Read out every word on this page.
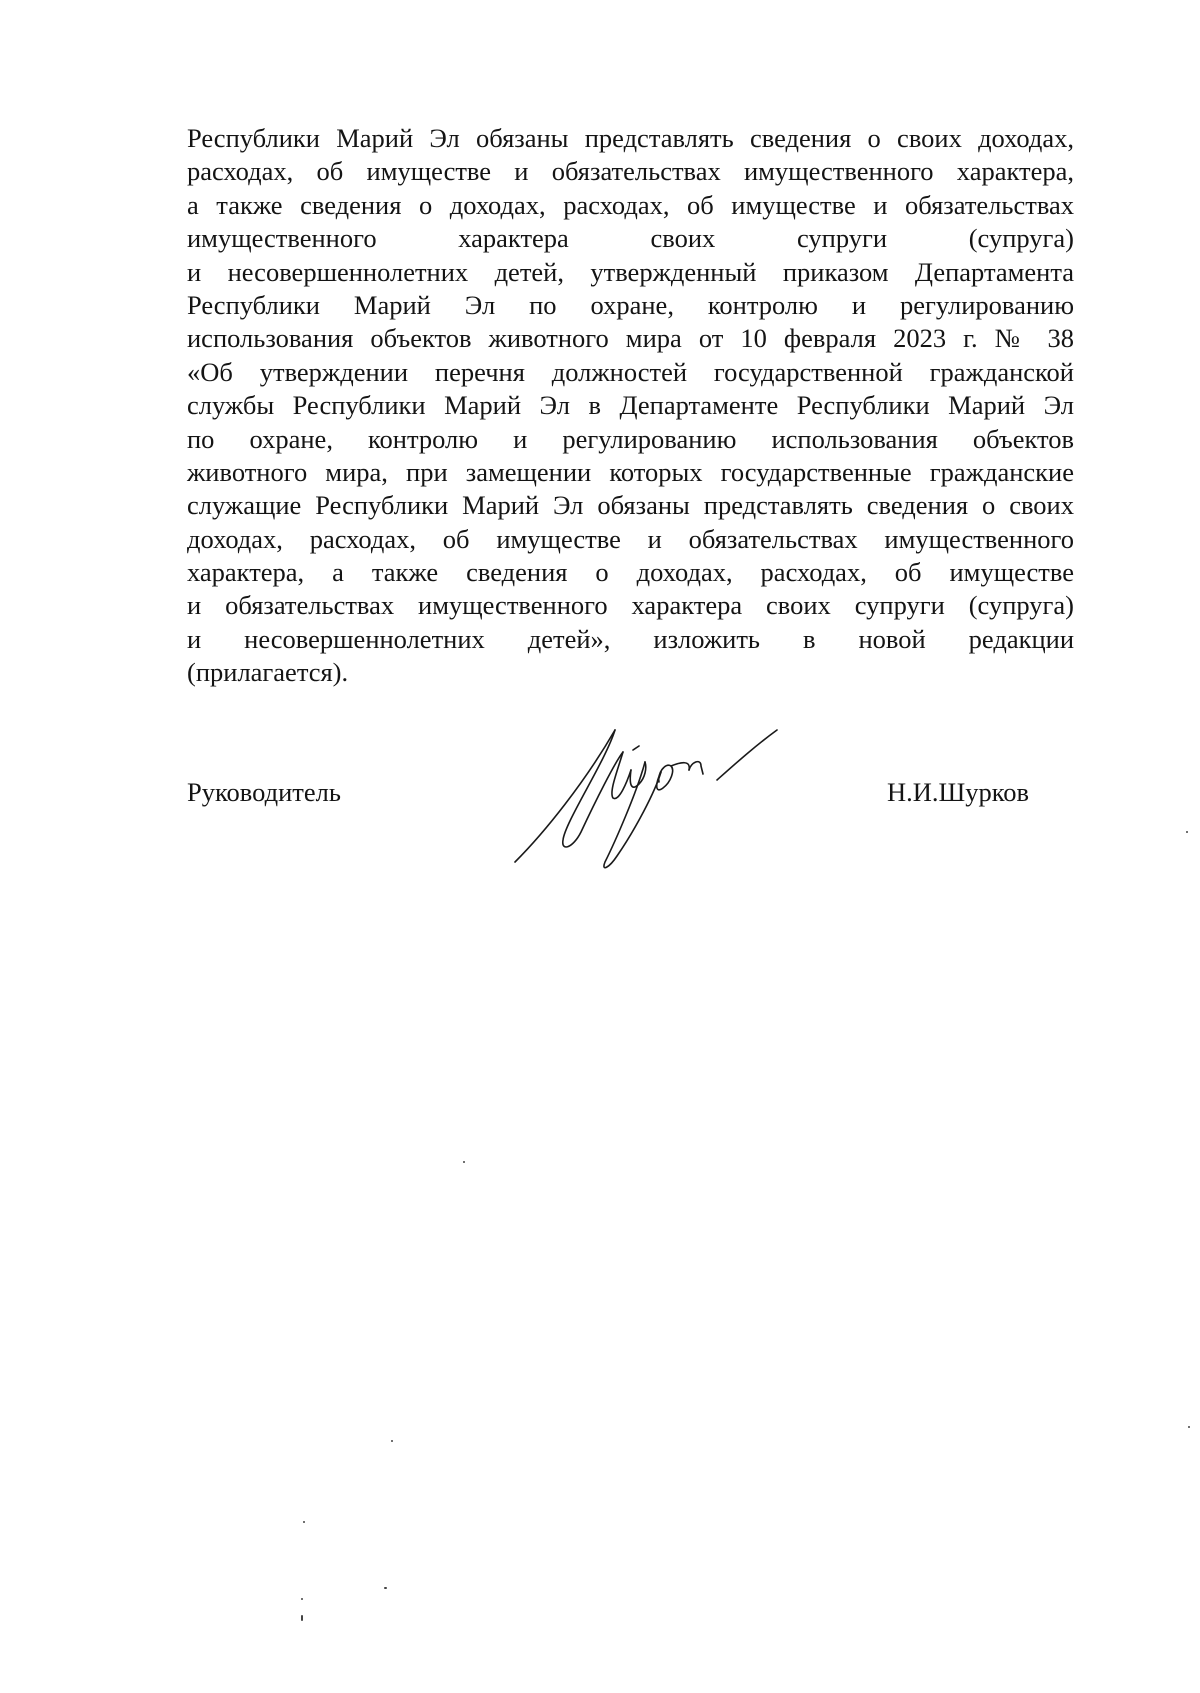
Республики Марий Эл обязаны представлять сведения о своих доходах,
расходах, об имуществе и обязательствах имущественного характера,
а также сведения о доходах, расходах, об имуществе и обязательствах
имущественного характера своих супруги (супруга)
и несовершеннолетних детей, утвержденный приказом Департамента
Республики Марий Эл по охране, контролю и регулированию
использования объектов животного мира от 10 февраля 2023 г. № 38
«Об утверждении перечня должностей государственной гражданской
службы Республики Марий Эл в Департаменте Республики Марий Эл
по охране, контролю и регулированию использования объектов
животного мира, при замещении которых государственные гражданские
служащие Республики Марий Эл обязаны представлять сведения о своих
доходах, расходах, об имуществе и обязательствах имущественного
характера, а также сведения о доходах, расходах, об имуществе
и обязательствах имущественного характера своих супруги (супруга)
и несовершеннолетних детей», изложить в новой редакции
(прилагается).

Руководитель	Н.И.Шурков
